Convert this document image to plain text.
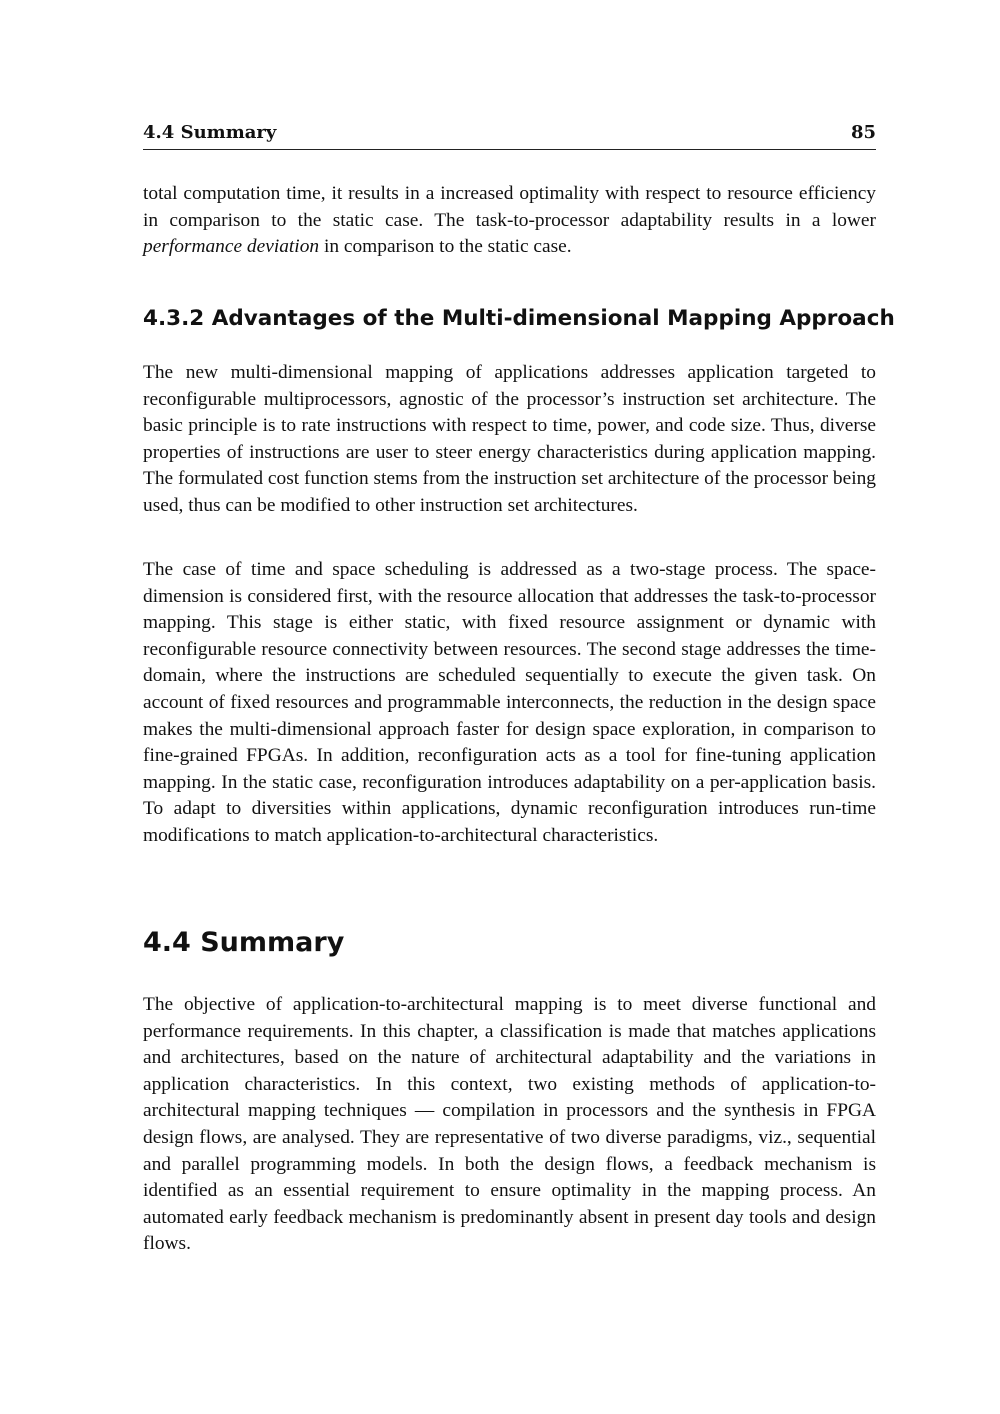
4.4 Summary	85

total computation time, it results in a increased optimality with respect to resource efficiency in comparison to the static case. The task-to-processor adaptability results in a lower performance deviation in comparison to the static case.

4.3.2 Advantages of the Multi-dimensional Mapping Approach

The new multi-dimensional mapping of applications addresses application targeted to reconfigurable multiprocessors, agnostic of the processor’s instruction set architecture. The basic principle is to rate instructions with respect to time, power, and code size. Thus, diverse properties of instructions are user to steer energy characteristics during application mapping. The formulated cost function stems from the instruction set architecture of the processor being used, thus can be modified to other instruction set architectures.

The case of time and space scheduling is addressed as a two-stage process. The space-dimension is considered first, with the resource allocation that addresses the task-to-processor mapping. This stage is either static, with fixed resource assignment or dynamic with reconfigurable resource connectivity between resources. The second stage addresses the time-domain, where the instructions are scheduled sequentially to execute the given task. On account of fixed resources and programmable interconnects, the reduction in the design space makes the multi-dimensional approach faster for design space exploration, in comparison to fine-grained FPGAs. In addition, reconfiguration acts as a tool for fine-tuning application mapping. In the static case, reconfiguration introduces adaptability on a per-application basis. To adapt to diversities within applications, dynamic reconfiguration introduces run-time modifications to match application-to-architectural characteristics.

4.4 Summary

The objective of application-to-architectural mapping is to meet diverse functional and performance requirements. In this chapter, a classification is made that matches applications and architectures, based on the nature of architectural adaptability and the variations in application characteristics. In this context, two existing methods of application-to-architectural mapping techniques — compilation in processors and the synthesis in FPGA design flows, are analysed. They are representative of two diverse paradigms, viz., sequential and parallel programming models. In both the design flows, a feedback mechanism is identified as an essential requirement to ensure optimality in the mapping process. An automated early feedback mechanism is predominantly absent in present day tools and design flows.
